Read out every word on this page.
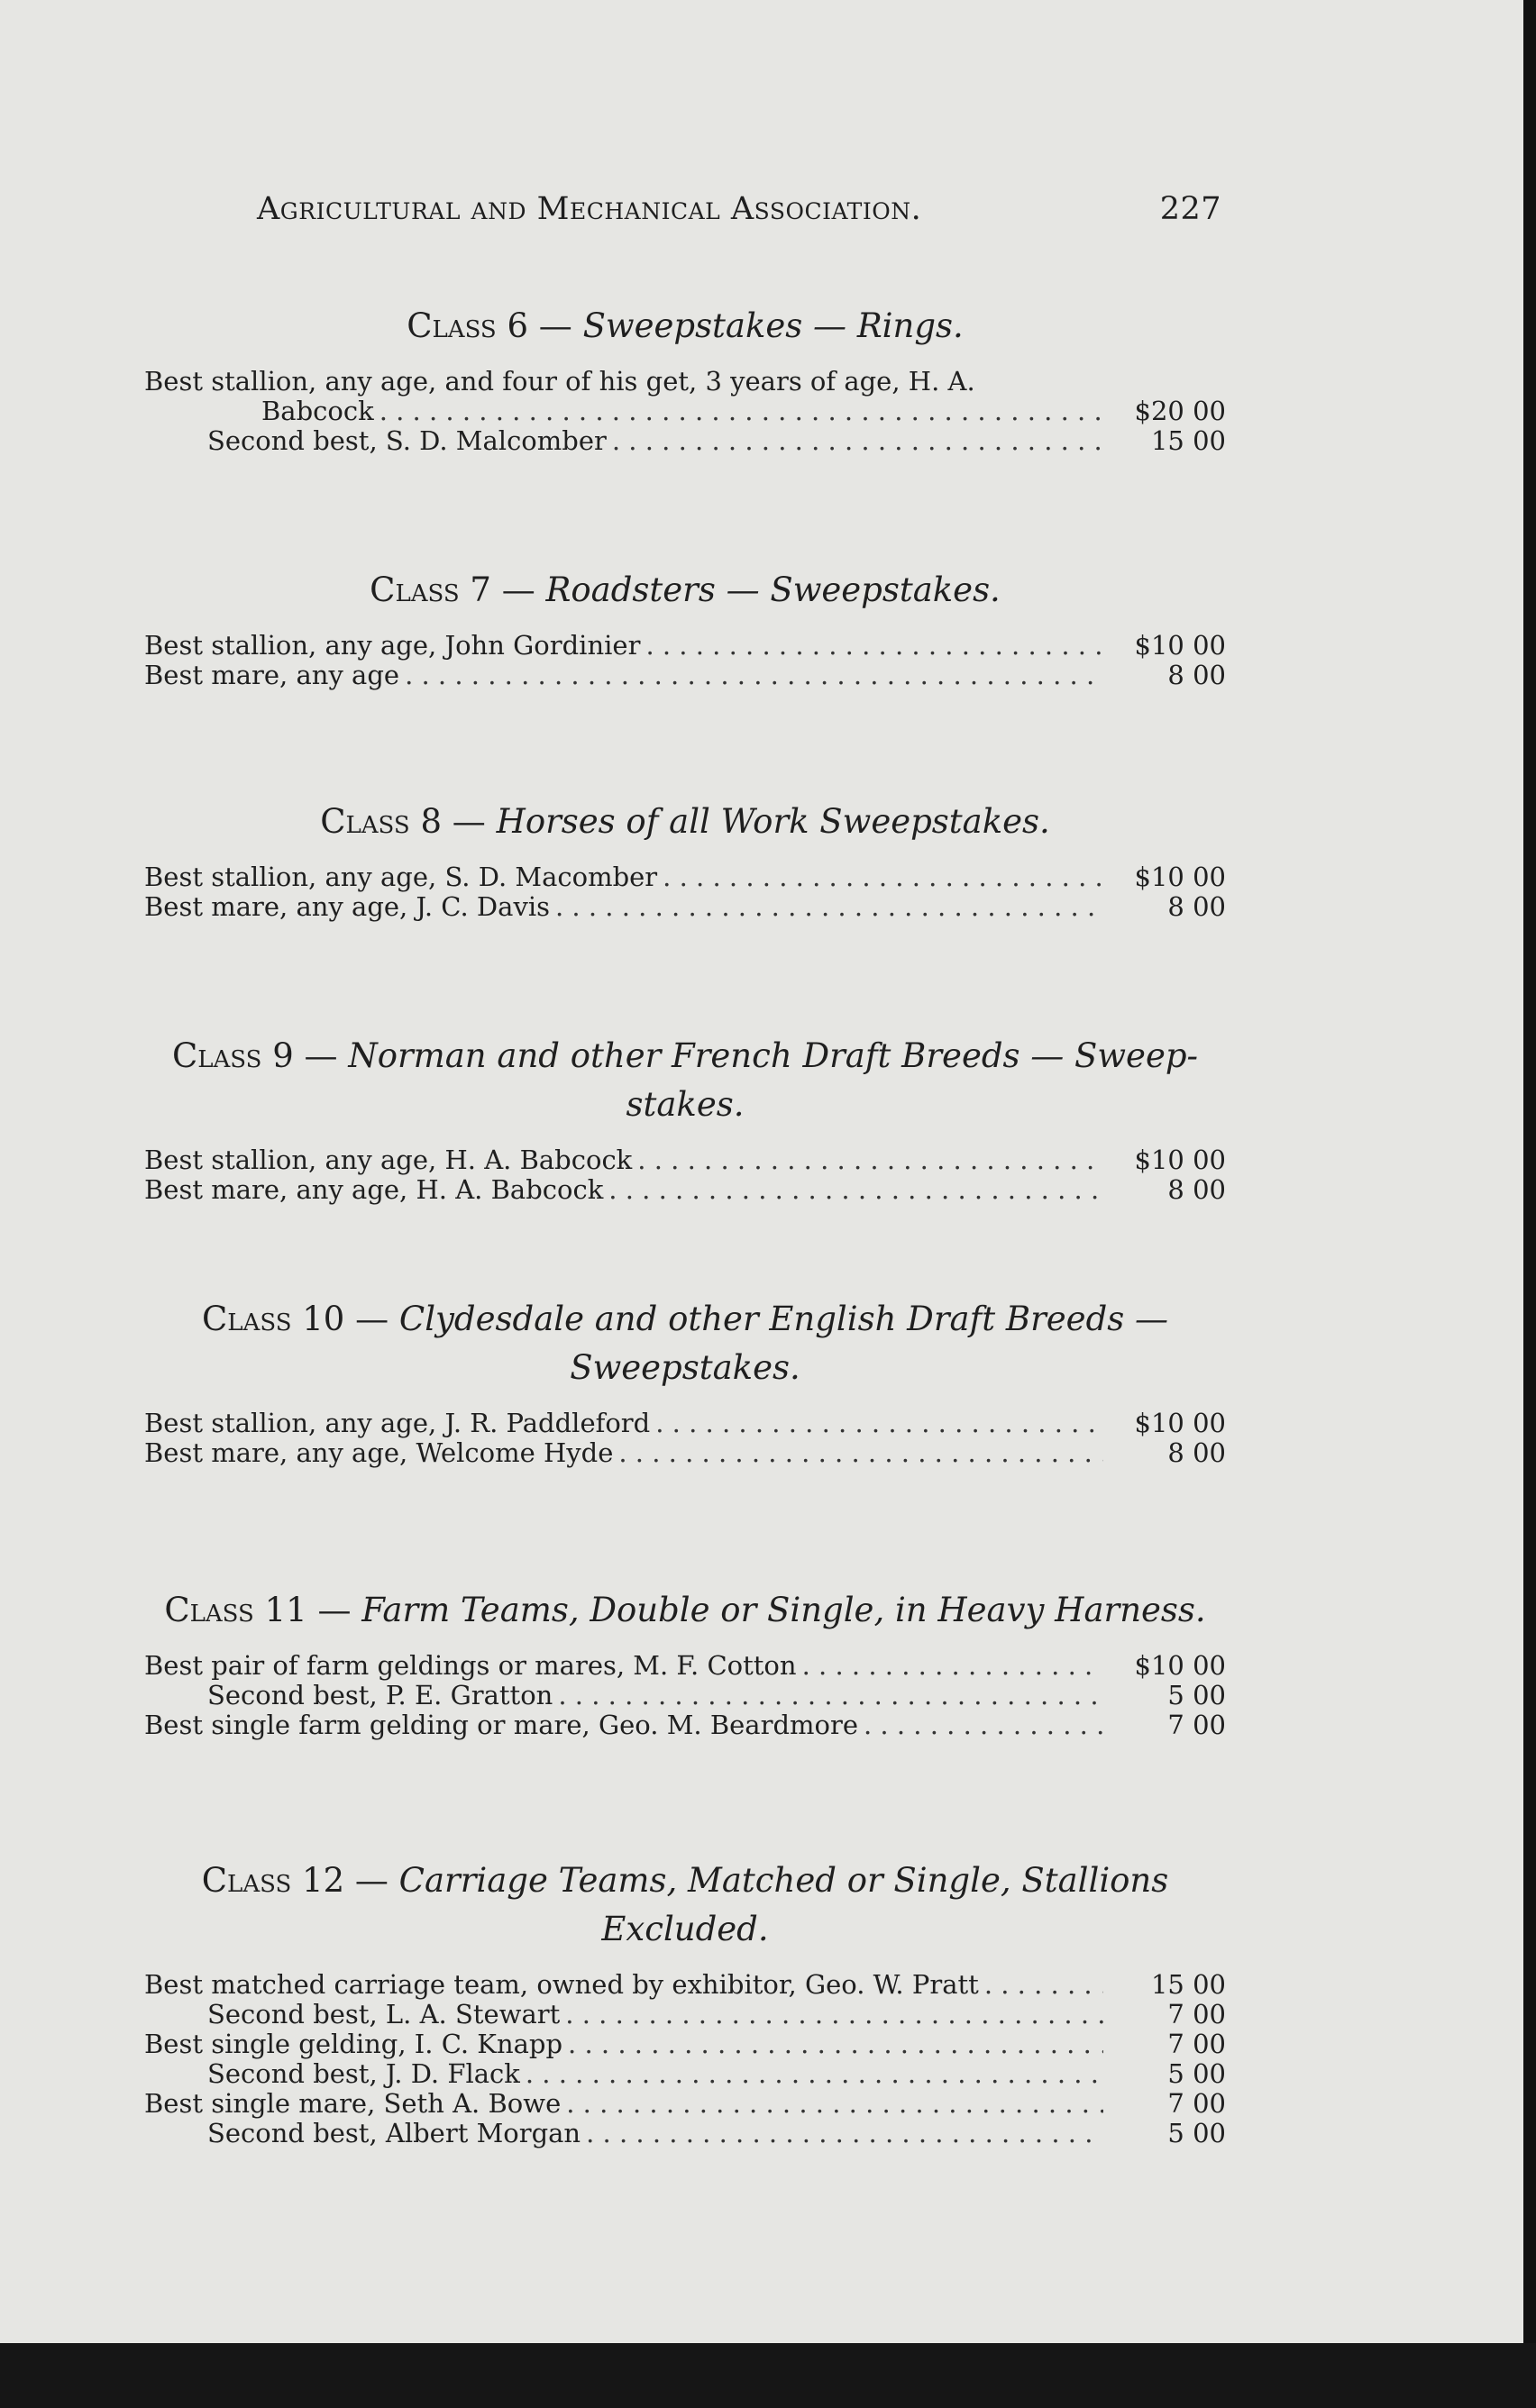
Agricultural and Mechanical Association.	227
Class 6 — Sweepstakes — Rings.
Best stallion, any age, and four of his get, 3 years of age, H. A.
Babcock . . .	$20 00
Second best, S. D. Malcomber . . .	15 00
Class 7 — Roadsters — Sweepstakes.
Best stallion, any age, John Gordinier . . .	$10 00
Best mare, any age . . .	8 00
Class 8 — Horses of all Work Sweepstakes.
Best stallion, any age, S. D. Macomber . . .	$10 00
Best mare, any age, J. C. Davis . . .	8 00
Class 9 — Norman and other French Draft Breeds — Sweep- stakes.
Best stallion, any age, H. A. Babcock . . .	$10 00
Best mare, any age, H. A. Babcock . . .	8 00
Class 10 — Clydesdale and other English Draft Breeds — Sweepstakes.
Best stallion, any age, J. R. Paddleford . . .	$10 00
Best mare, any age, Welcome Hyde . . .	8 00
Class 11 — Farm Teams, Double or Single, in Heavy Harness.
Best pair of farm geldings or mares, M. F. Cotton . . .	$10 00
Second best, P. E. Gratton . . .	5 00
Best single farm gelding or mare, Geo. M. Beardmore . . .	7 00
Class 12 — Carriage Teams, Matched or Single, Stallions Excluded.
Best matched carriage team, owned by exhibitor, Geo. W. Pratt . . .	15 00
Second best, L. A. Stewart . . .	7 00
Best single gelding, I. C. Knapp . . .	7 00
Second best, J. D. Flack . . .	5 00
Best single mare, Seth A. Bowe . . .	7 00
Second best, Albert Morgan . . .	5 00
